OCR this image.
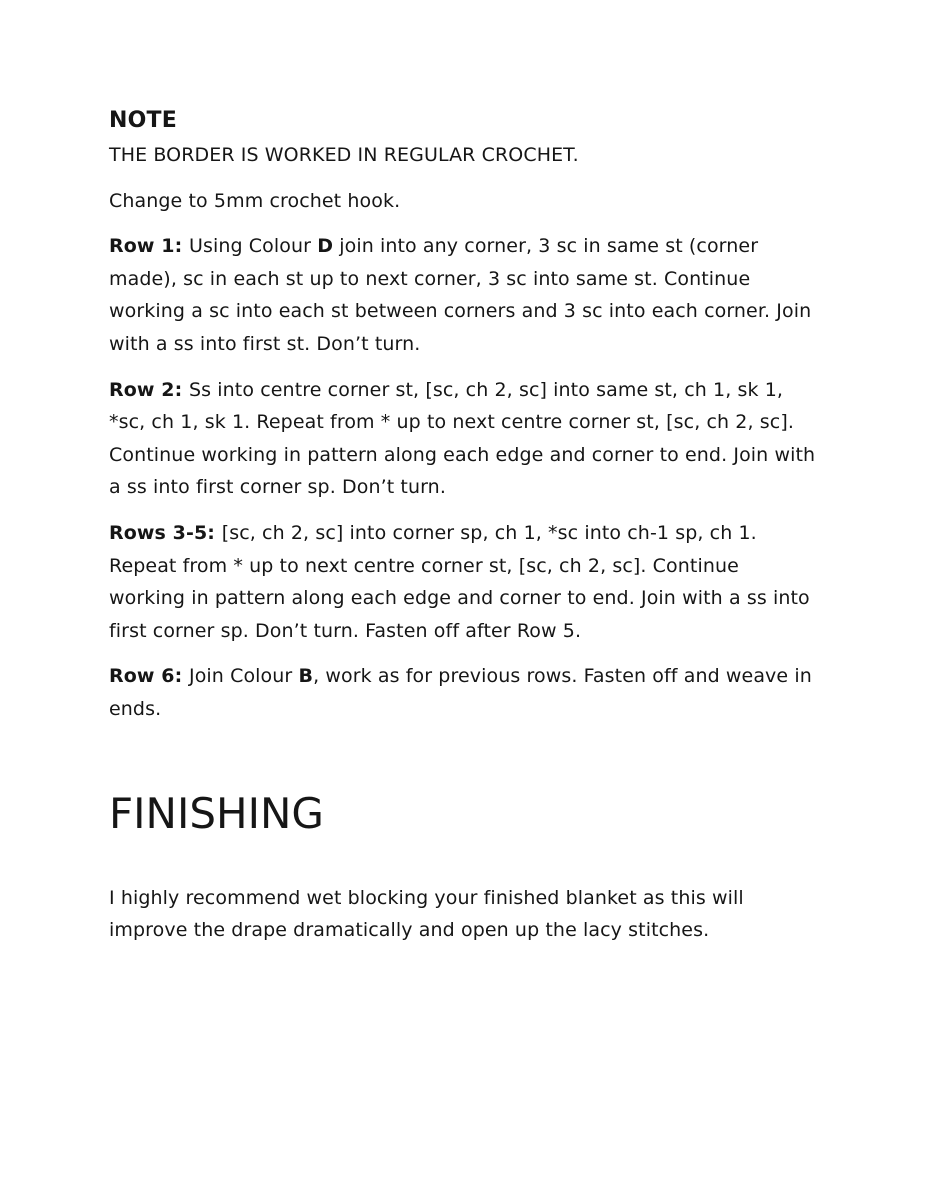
NOTE

THE BORDER IS WORKED IN REGULAR CROCHET.

Change to 5mm crochet hook.

Row 1: Using Colour D join into any corner, 3 sc in same st (corner made), sc in each st up to next corner, 3 sc into same st. Continue working a sc into each st between corners and 3 sc into each corner. Join with a ss into first st. Don’t turn.

Row 2: Ss into centre corner st, [sc, ch 2, sc] into same st, ch 1, sk 1, *sc, ch 1, sk 1. Repeat from * up to next centre corner st, [sc, ch 2, sc]. Continue working in pattern along each edge and corner to end. Join with a ss into first corner sp. Don’t turn.

Rows 3-5: [sc, ch 2, sc] into corner sp, ch 1, *sc into ch-1 sp, ch 1. Repeat from * up to next centre corner st, [sc, ch 2, sc]. Continue working in pattern along each edge and corner to end. Join with a ss into first corner sp. Don’t turn. Fasten off after Row 5.

Row 6: Join Colour B, work as for previous rows. Fasten off and weave in ends.

FINISHING

I highly recommend wet blocking your finished blanket as this will improve the drape dramatically and open up the lacy stitches.
